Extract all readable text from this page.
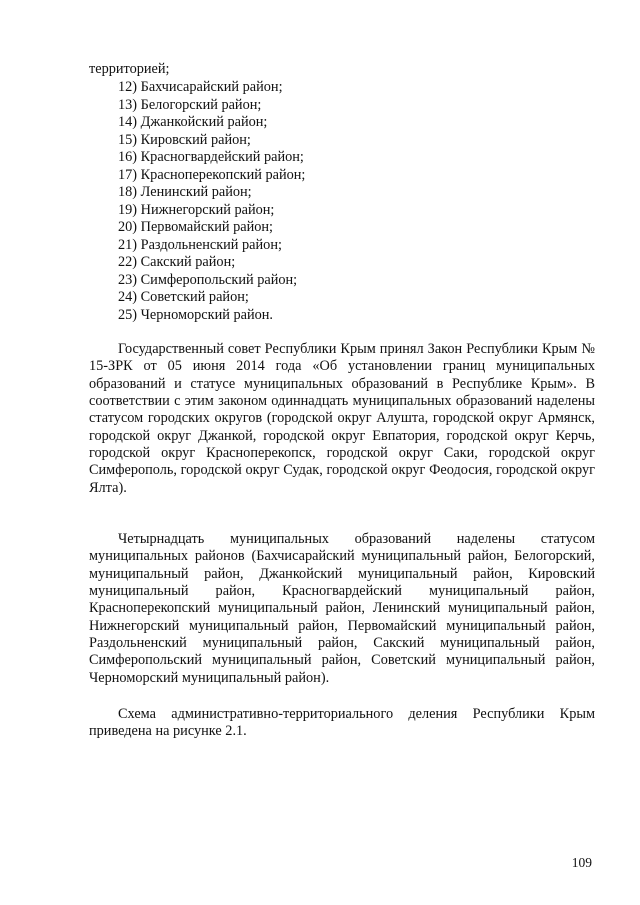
территорией;
12) Бахчисарайский район;
13) Белогорский район;
14) Джанкойский район;
15) Кировский район;
16) Красногвардейский район;
17) Красноперекопский район;
18) Ленинский район;
19) Нижнегорский район;
20) Первомайский район;
21) Раздольненский район;
22) Сакский район;
23) Симферопольский район;
24) Советский район;
25) Черноморский район.

Государственный совет Республики Крым принял Закон Республики Крым № 15-ЗРК от 05 июня 2014 года «Об установлении границ муниципальных образований и статусе муниципальных образований в Республике Крым». В соответствии с этим законом одиннадцать муниципальных образований наделены статусом городских округов (городской округ Алушта, городской округ Армянск, городской округ Джанкой, городской округ Евпатория, городской округ Керчь, городской округ Красноперекопск, городской округ Саки, городской округ Симферополь, городской округ Судак, городской округ Феодосия, городской округ Ялта).

Четырнадцать муниципальных образований наделены статусом муниципальных районов (Бахчисарайский муниципальный район, Белогорский, муниципальный район, Джанкойский муниципальный район, Кировский муниципальный район, Красногвардейский муниципальный район, Красноперекопский муниципальный район, Ленинский муниципальный район, Нижнегорский муниципальный район, Первомайский муниципальный район, Раздольненский муниципальный район, Сакский муниципальный район, Симферопольский муниципальный район, Советский муниципальный район, Черноморский муниципальный район).

Схема административно-территориального деления Республики Крым приведена на рисунке 2.1.

109
